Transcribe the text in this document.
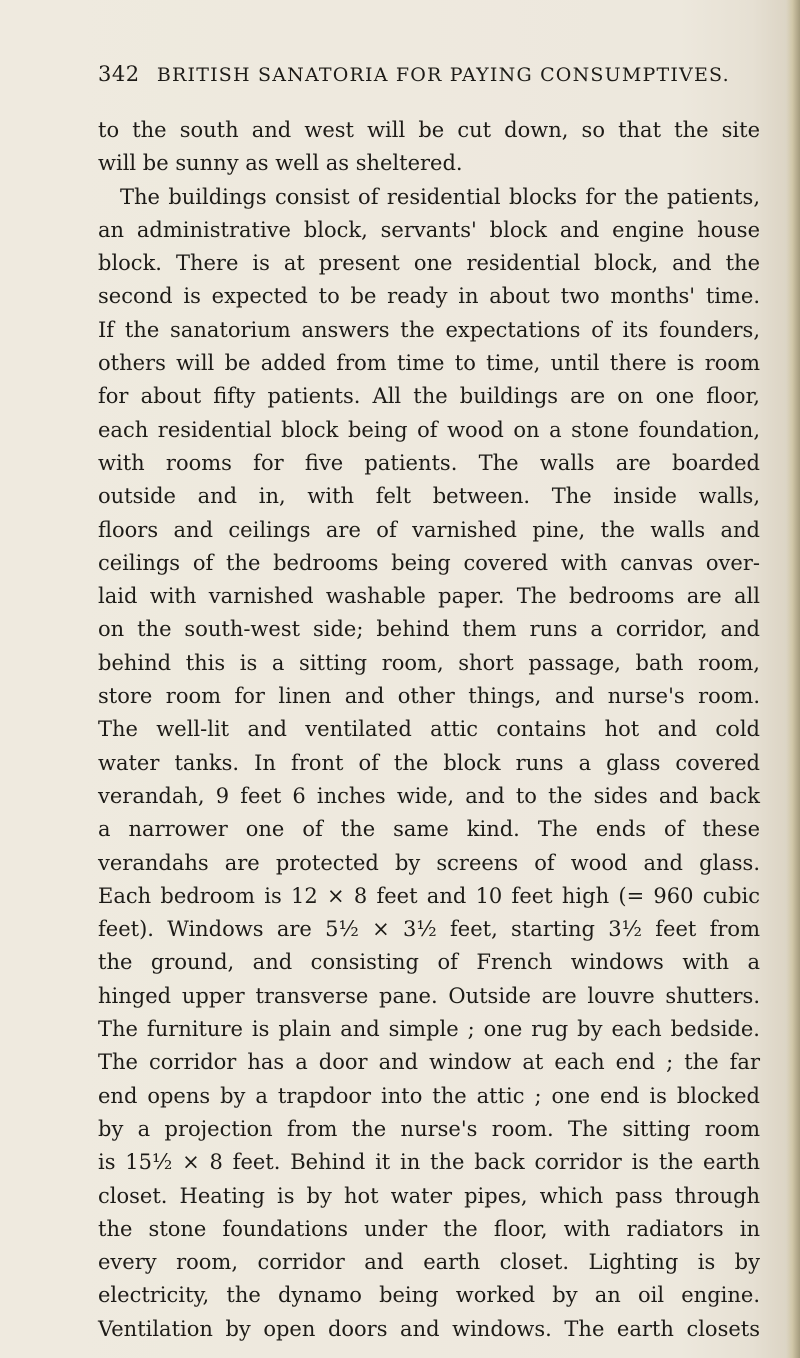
342 BRITISH SANATORIA FOR PAYING CONSUMPTIVES.
to the south and west will be cut down, so that the site
will be sunny as well as sheltered.
The buildings consist of residential blocks for the patients,
an administrative block, servants' block and engine house
block. There is at present one residential block, and the
second is expected to be ready in about two months' time.
If the sanatorium answers the expectations of its founders,
others will be added from time to time, until there is room
for about fifty patients. All the buildings are on one floor,
each residential block being of wood on a stone foundation,
with rooms for five patients. The walls are boarded
outside and in, with felt between. The inside walls,
floors and ceilings are of varnished pine, the walls and
ceilings of the bedrooms being covered with canvas over-
laid with varnished washable paper. The bedrooms are all
on the south-west side; behind them runs a corridor, and
behind this is a sitting room, short passage, bath room,
store room for linen and other things, and nurse's room.
The well-lit and ventilated attic contains hot and cold
water tanks. In front of the block runs a glass covered
verandah, 9 feet 6 inches wide, and to the sides and back
a narrower one of the same kind. The ends of these
verandahs are protected by screens of wood and glass.
Each bedroom is 12 × 8 feet and 10 feet high (= 960 cubic
feet). Windows are 5½ × 3½ feet, starting 3½ feet from
the ground, and consisting of French windows with a
hinged upper transverse pane. Outside are louvre shutters.
The furniture is plain and simple ; one rug by each bedside.
The corridor has a door and window at each end ; the far
end opens by a trapdoor into the attic ; one end is blocked
by a projection from the nurse's room. The sitting room
is 15½ × 8 feet. Behind it in the back corridor is the earth
closet. Heating is by hot water pipes, which pass through
the stone foundations under the floor, with radiators in
every room, corridor and earth closet. Lighting is by
electricity, the dynamo being worked by an oil engine.
Ventilation by open doors and windows. The earth closets
